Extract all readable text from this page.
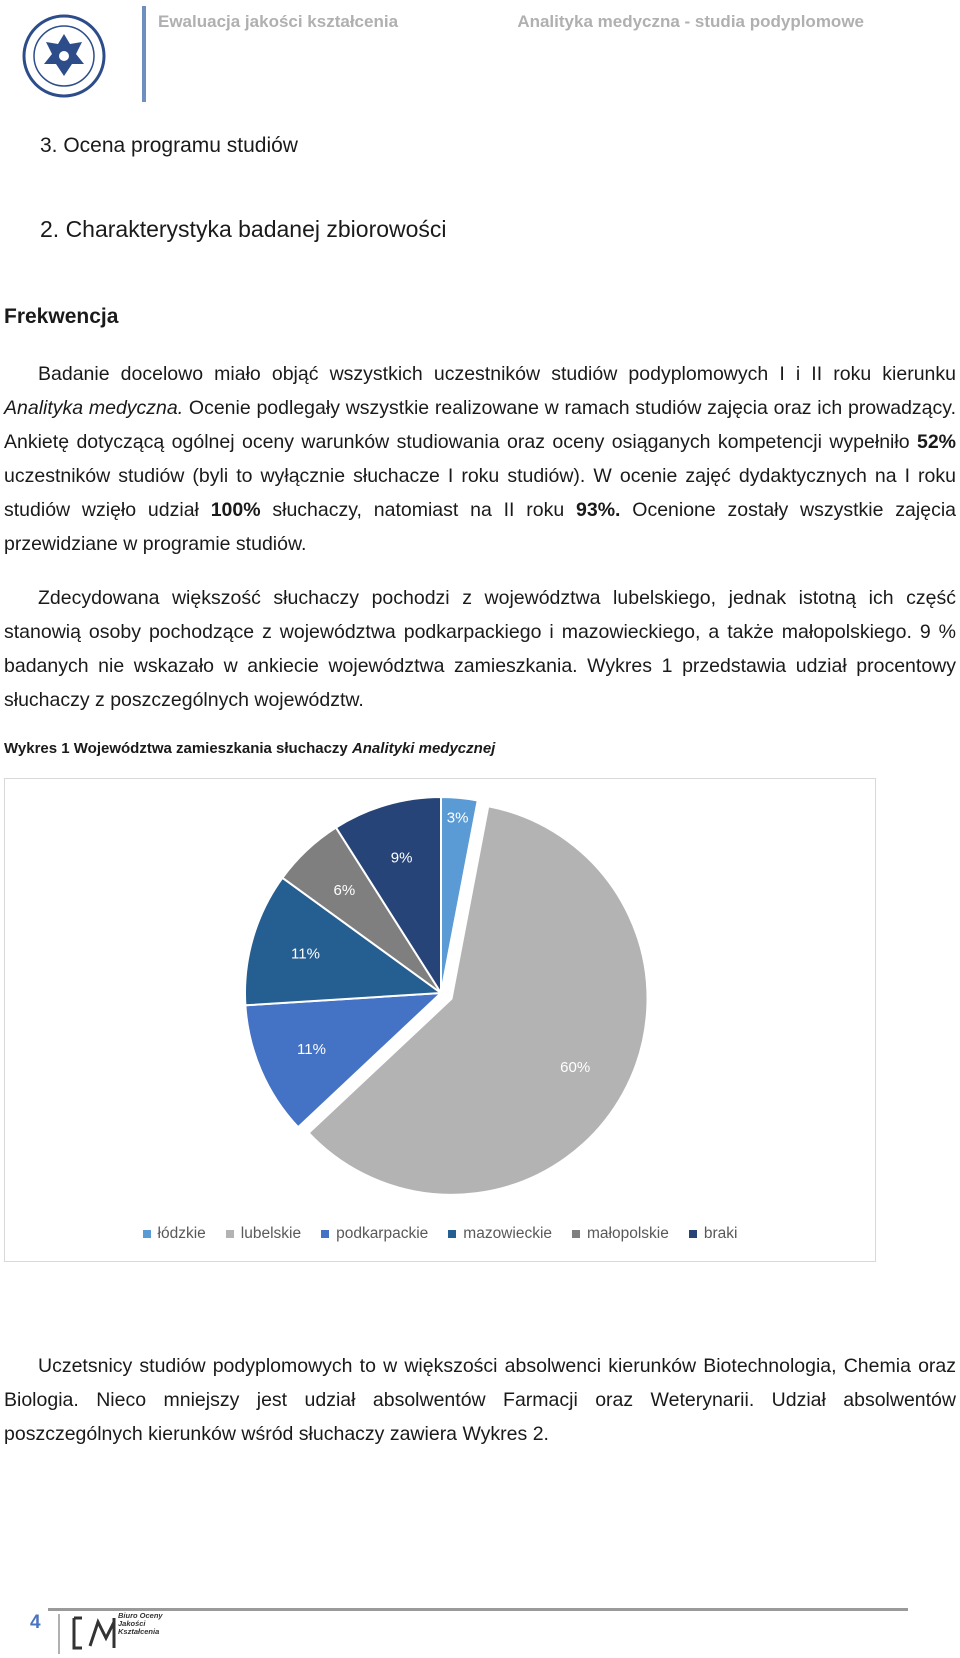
Ewaluacja jakości kształcenia	Analityka medyczna - studia podyplomowe
3. Ocena programu studiów
2. Charakterystyka badanej zbiorowości
Frekwencja
Badanie docelowo miało objąć wszystkich uczestników studiów podyplomowych I i II roku kierunku Analityka medyczna. Ocenie podlegały wszystkie realizowane w ramach studiów zajęcia oraz ich prowadzący. Ankietę dotyczącą ogólnej oceny warunków studiowania oraz oceny osiąganych kompetencji wypełniło 52% uczestników studiów (byli to wyłącznie słuchacze I roku studiów). W ocenie zajęć dydaktycznych na I roku studiów wzięło udział 100% słuchaczy, natomiast na II roku 93%. Ocenione zostały wszystkie zajęcia przewidziane w programie studiów.
Zdecydowana większość słuchaczy pochodzi z województwa lubelskiego, jednak istotną ich część stanowią osoby pochodzące z województwa podkarpackiego i mazowieckiego, a także małopolskiego. 9 % badanych nie wskazało w ankiecie województwa zamieszkania. Wykres 1 przedstawia udział procentowy słuchaczy z poszczególnych województw.
Wykres 1 Województwa zamieszkania słuchaczy Analityki medycznej
3%
60%
11%
11%
6%
9%
łódzkie lubelskie podkarpackie mazowieckie małopolskie braki
Uczetsnicy studiów podyplomowych to w większości absolwenci kierunków Biotechnologia, Chemia oraz Biologia. Nieco mniejszy jest udział absolwentów Farmacji oraz Weterynarii. Udział absolwentów poszczególnych kierunków wśród słuchaczy zawiera Wykres 2.
4	Biuro Oceny Jakości Kształcenia
